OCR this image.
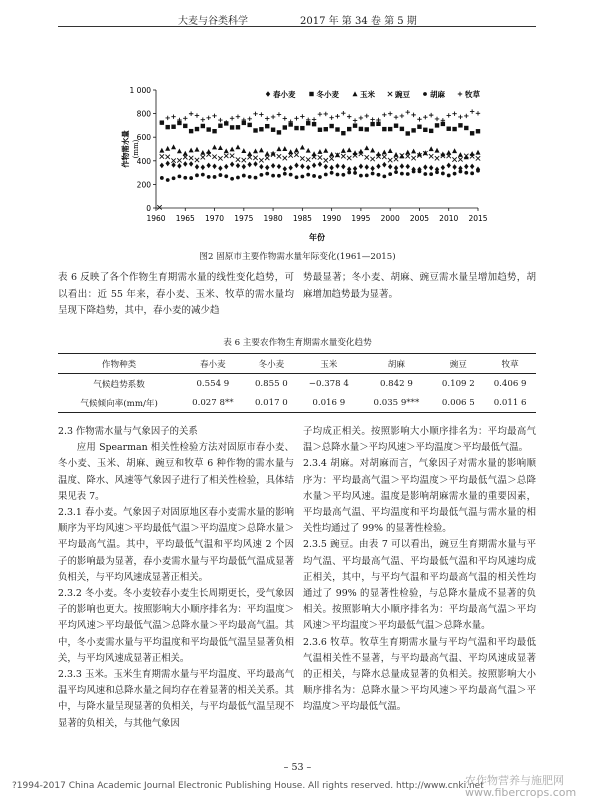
大麦与谷类科学	2017 年 第 34 卷 第 5 期
0
200
400
600
800
1 000
1960 1965 1970 1975 1980 1985 1990 1995 2000 2005 2010 2015
年份
作物需水量 (mm)
春小麦	冬小麦	玉米	豌豆	胡麻	牧草
图2 固原市主要作物需水量年际变化(1961—2015)
表 6 反映了各个作物生育期需水量的线性变化趋势，可以看出：近 55 年来，春小麦、玉米、牧草的需水量均呈现下降趋势，其中，春小麦的减少趋
势最显著；冬小麦、胡麻、豌豆需水量呈增加趋势，胡麻增加趋势最为显著。
表 6 主要农作物生育期需水量变化趋势
作物种类	春小麦	冬小麦	玉米	胡麻	豌豆	牧草
气候趋势系数	0.554 9	0.855 0	−0.378 4	0.842 9	0.109 2	0.406 9
气候倾向率(mm/年)	0.027 8**	0.017 0	0.016 9	0.035 9***	0.006 5	0.011 6

2.3 作物需水量与气象因子的关系

应用 Spearman 相关性检验方法对固原市春小麦、冬小麦、玉米、胡麻、豌豆和牧草 6 种作物的需水量与温度、降水、风速等气象因子进行了相关性检验，具体结果见表 7。

2.3.1 春小麦。气象因子对固原地区春小麦需水量的影响顺序为平均风速＞平均最低气温＞平均温度＞总降水量＞平均最高气温。其中，平均最低气温和平均风速 2 个因子的影响最为显著，春小麦需水量与平均最低气温成显著负相关，与平均风速成显著正相关。

2.3.2 冬小麦。冬小麦较春小麦生长周期更长，受气象因子的影响也更大。按照影响大小顺序排名为：平均温度＞平均风速＞平均最低气温＞总降水量＞平均最高气温。其中，冬小麦需水量与平均温度和平均最低气温呈显著负相关，与平均风速成显著正相关。

2.3.3 玉米。玉米生育期需水量与平均温度、平均最高气温平均风速和总降水量之间均存在着显著的相关关系。其中，与降水量呈现显著的负相关，与平均最低气温呈现不显著的负相关，与其他气象因

子均成正相关。按照影响大小顺序排名为：平均最高气温＞总降水量＞平均风速＞平均温度＞平均最低气温。

2.3.4 胡麻。对胡麻而言，气象因子对需水量的影响顺序为：平均最高气温＞平均温度＞平均最低气温＞总降水量＞平均风速。温度是影响胡麻需水量的重要因素，平均最高气温、平均温度和平均最低气温与需水量的相关性均通过了 99% 的显著性检验。

2.3.5 豌豆。由表 7 可以看出，豌豆生育期需水量与平均气温、平均最高气温、平均最低气温和平均风速均成正相关，其中，与平均气温和平均最高气温的相关性均通过了 99% 的显著性检验，与总降水量成不显著的负相关。按照影响大小顺序排名为：平均最高气温＞平均风速＞平均温度＞平均最低气温＞总降水量。

2.3.6 牧草。牧草生育期需水量与平均气温和平均最低气温相关性不显著，与平均最高气温、平均风速成显著的正相关，与降水总量成显著的负相关。按照影响大小顺序排名为：总降水量＞平均风速＞平均最高气温＞平均温度＞平均最低气温。

– 53 –
?1994-2017 China Academic Journal Electronic Publishing House. All rights reserved. http://www.cnki.net
农作物营养与施肥网
www.fibercrops.com
